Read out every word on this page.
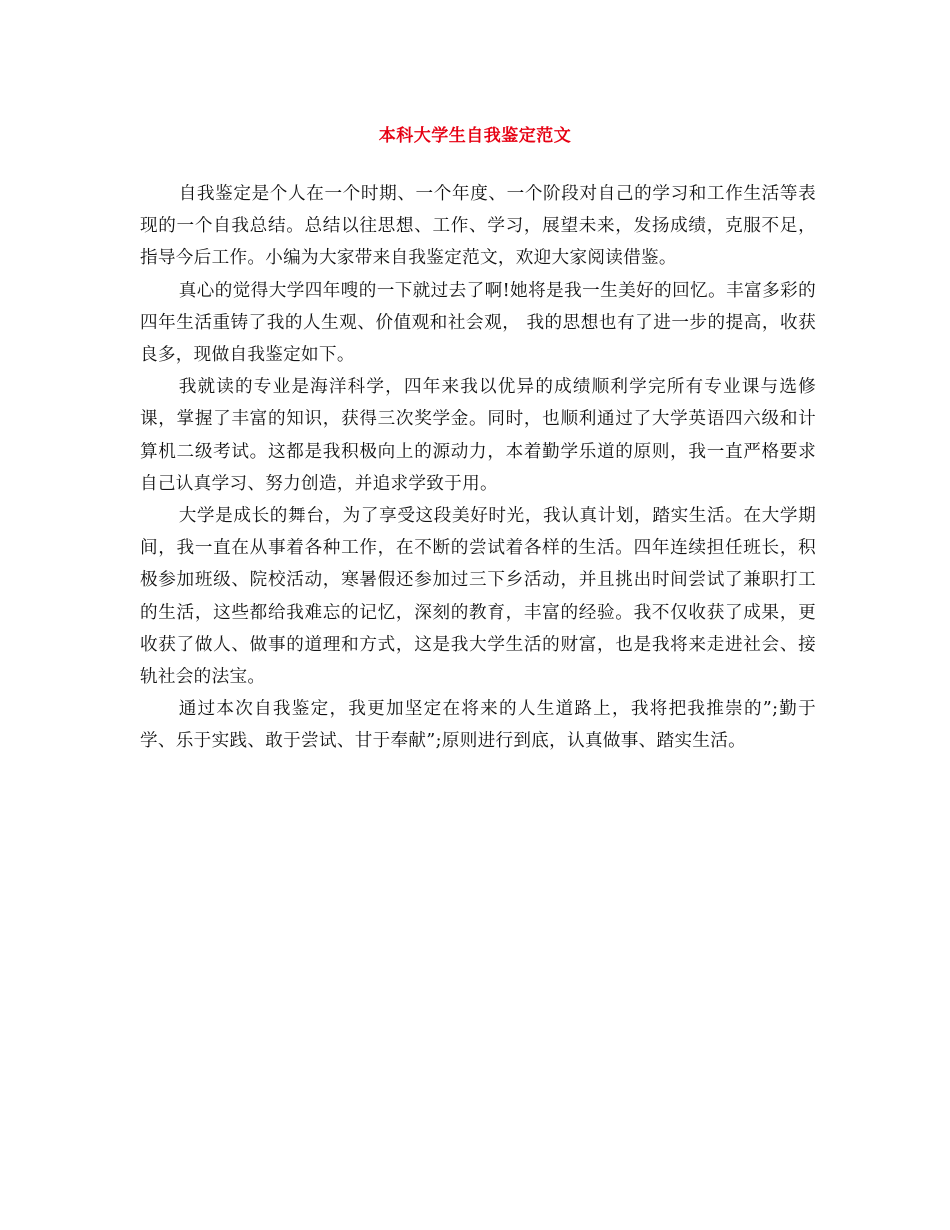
本科大学生自我鉴定范文

自我鉴定是个人在一个时期、一个年度、一个阶段对自己的学习和工作生活等表现的一个自我总结。总结以往思想、工作、学习，展望未来，发扬成绩，克服不足，指导今后工作。小编为大家带来自我鉴定范文，欢迎大家阅读借鉴。

真心的觉得大学四年嗖的一下就过去了啊!她将是我一生美好的回忆。丰富多彩的四年生活重铸了我的人生观、价值观和社会观， 我的思想也有了进一步的提高，收获良多，现做自我鉴定如下。

我就读的专业是海洋科学，四年来我以优异的成绩顺利学完所有专业课与选修课，掌握了丰富的知识，获得三次奖学金。同时，也顺利通过了大学英语四六级和计算机二级考试。这都是我积极向上的源动力，本着勤学乐道的原则，我一直严格要求自己认真学习、努力创造，并追求学致于用。

大学是成长的舞台，为了享受这段美好时光，我认真计划，踏实生活。在大学期间，我一直在从事着各种工作，在不断的尝试着各样的生活。四年连续担任班长，积极参加班级、院校活动，寒暑假还参加过三下乡活动，并且挑出时间尝试了兼职打工的生活，这些都给我难忘的记忆，深刻的教育，丰富的经验。我不仅收获了成果，更收获了做人、做事的道理和方式，这是我大学生活的财富，也是我将来走进社会、接轨社会的法宝。

通过本次自我鉴定，我更加坚定在将来的人生道路上，我将把我推崇的”;勤于学、乐于实践、敢于尝试、甘于奉献”;原则进行到底，认真做事、踏实生活。
